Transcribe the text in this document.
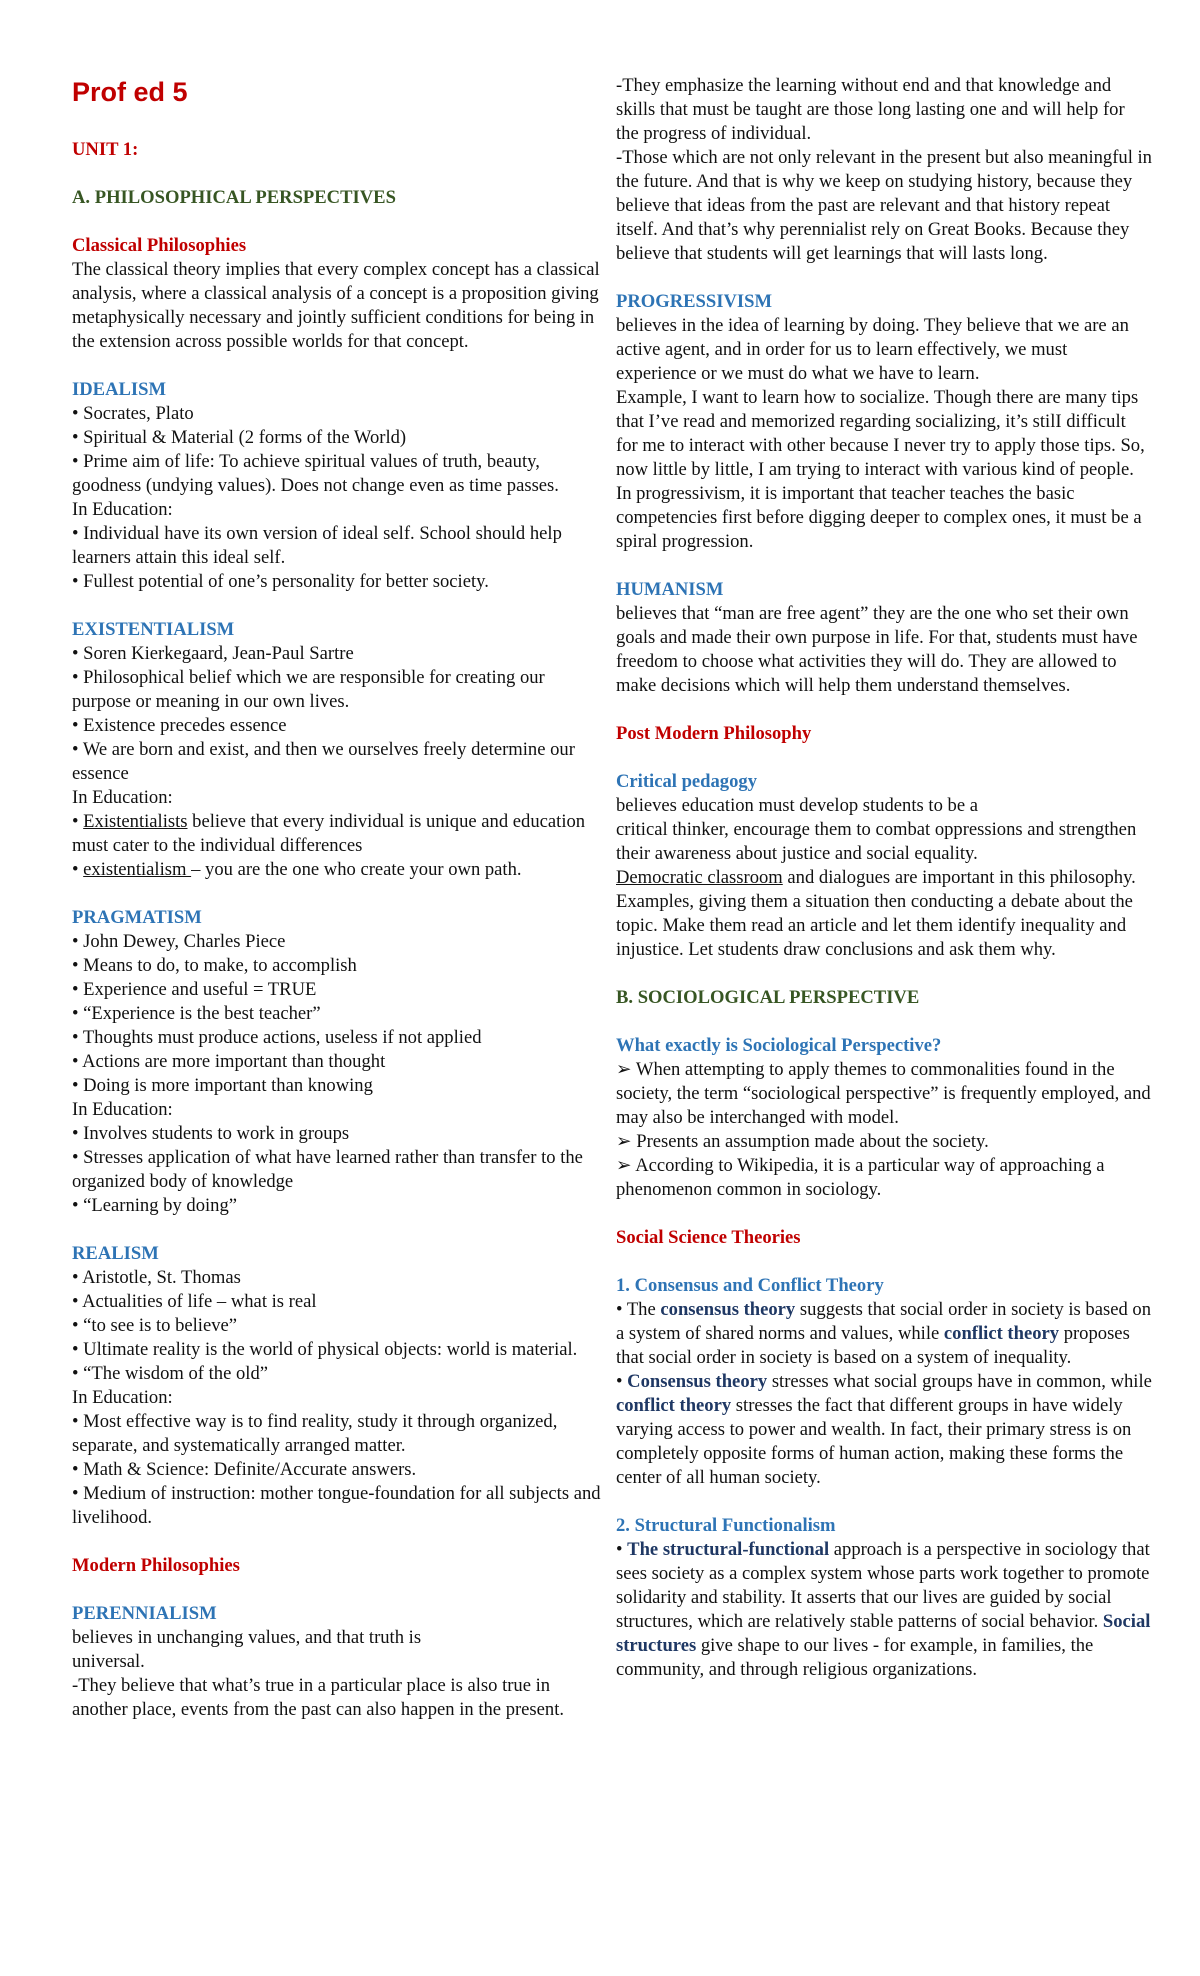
Prof ed 5

UNIT 1:

A. PHILOSOPHICAL PERSPECTIVES

Classical Philosophies

The classical theory implies that every complex concept has a classical analysis, where a classical analysis of a concept is a proposition giving metaphysically necessary and jointly sufficient conditions for being in the extension across possible worlds for that concept.

IDEALISM

• Socrates, Plato

• Spiritual & Material (2 forms of the World)

• Prime aim of life: To achieve spiritual values of truth, beauty, goodness (undying values). Does not change even as time passes.

In Education:

• Individual have its own version of ideal self. School should help learners attain this ideal self.

• Fullest potential of one’s personality for better society.

EXISTENTIALISM

• Soren Kierkegaard, Jean-Paul Sartre

• Philosophical belief which we are responsible for creating our purpose or meaning in our own lives.

• Existence precedes essence

• We are born and exist, and then we ourselves freely determine our essence

In Education:

• Existentialists believe that every individual is unique and education must cater to the individual differences

• existentialism – you are the one who create your own path.

PRAGMATISM

• John Dewey, Charles Piece

• Means to do, to make, to accomplish

• Experience and useful = TRUE

• “Experience is the best teacher”

• Thoughts must produce actions, useless if not applied

• Actions are more important than thought

• Doing is more important than knowing

In Education:

• Involves students to work in groups

• Stresses application of what have learned rather than transfer to the organized body of knowledge

• “Learning by doing”

REALISM

• Aristotle, St. Thomas

• Actualities of life – what is real

• “to see is to believe”

• Ultimate reality is the world of physical objects: world is material.

• “The wisdom of the old”

In Education:

• Most effective way is to find reality, study it through organized,

separate, and systematically arranged matter.

• Math & Science: Definite/Accurate answers.

• Medium of instruction: mother tongue-foundation for all subjects and livelihood.

Modern Philosophies

PERENNIALISM

believes in unchanging values, and that truth is

universal.

-They believe that what’s true in a particular place is also true in another place, events from the past can also happen in the present.

-They emphasize the learning without end and that knowledge and skills that must be taught are those long lasting one and will help for the progress of individual.

-Those which are not only relevant in the present but also meaningful in the future. And that is why we keep on studying history, because they believe that ideas from the past are relevant and that history repeat itself. And that’s why perennialist rely on Great Books. Because they believe that students will get learnings that will lasts long.

PROGRESSIVISM

believes in the idea of learning by doing. They believe that we are an active agent, and in order for us to learn effectively, we must experience or we must do what we have to learn.

Example, I want to learn how to socialize. Though there are many tips that I’ve read and memorized regarding socializing, it’s stilI difficult for me to interact with other because I never try to apply those tips. So, now little by little, I am trying to interact with various kind of people.

In progressivism, it is important that teacher teaches the basic competencies first before digging deeper to complex ones, it must be a spiral progression.

HUMANISM

believes that “man are free agent” they are the one who set their own goals and made their own purpose in life. For that, students must have freedom to choose what activities they will do. They are allowed to make decisions which will help them understand themselves.

Post Modern Philosophy

Critical pedagogy

believes education must develop students to be a

critical thinker, encourage them to combat oppressions and strengthen their awareness about justice and social equality.
Democratic classroom and dialogues are important in this philosophy. Examples, giving them a situation then conducting a debate about the topic. Make them read an article and let them identify inequality and injustice. Let students draw conclusions and ask them why.

B. SOCIOLOGICAL PERSPECTIVE

What exactly is Sociological Perspective?

➢ When attempting to apply themes to commonalities found in the society, the term “sociological perspective” is frequently employed, and may also be interchanged with model.

➢ Presents an assumption made about the society.

➢ According to Wikipedia, it is a particular way of approaching a phenomenon common in sociology.

Social Science Theories

1. Consensus and Conflict Theory

• The consensus theory suggests that social order in society is based on a system of shared norms and values, while conflict theory proposes that social order in society is based on a system of inequality.

• Consensus theory stresses what social groups have in common, while conflict theory stresses the fact that different groups in have widely varying access to power and wealth. In fact, their primary stress is on completely opposite forms of human action, making these forms the center of all human society.

2. Structural Functionalism

• The structural-functional approach is a perspective in sociology that sees society as a complex system whose parts work together to promote solidarity and stability. It asserts that our lives are guided by social structures, which are relatively stable patterns of social behavior. Social structures give shape to our lives - for example, in families, the community, and through religious organizations.
